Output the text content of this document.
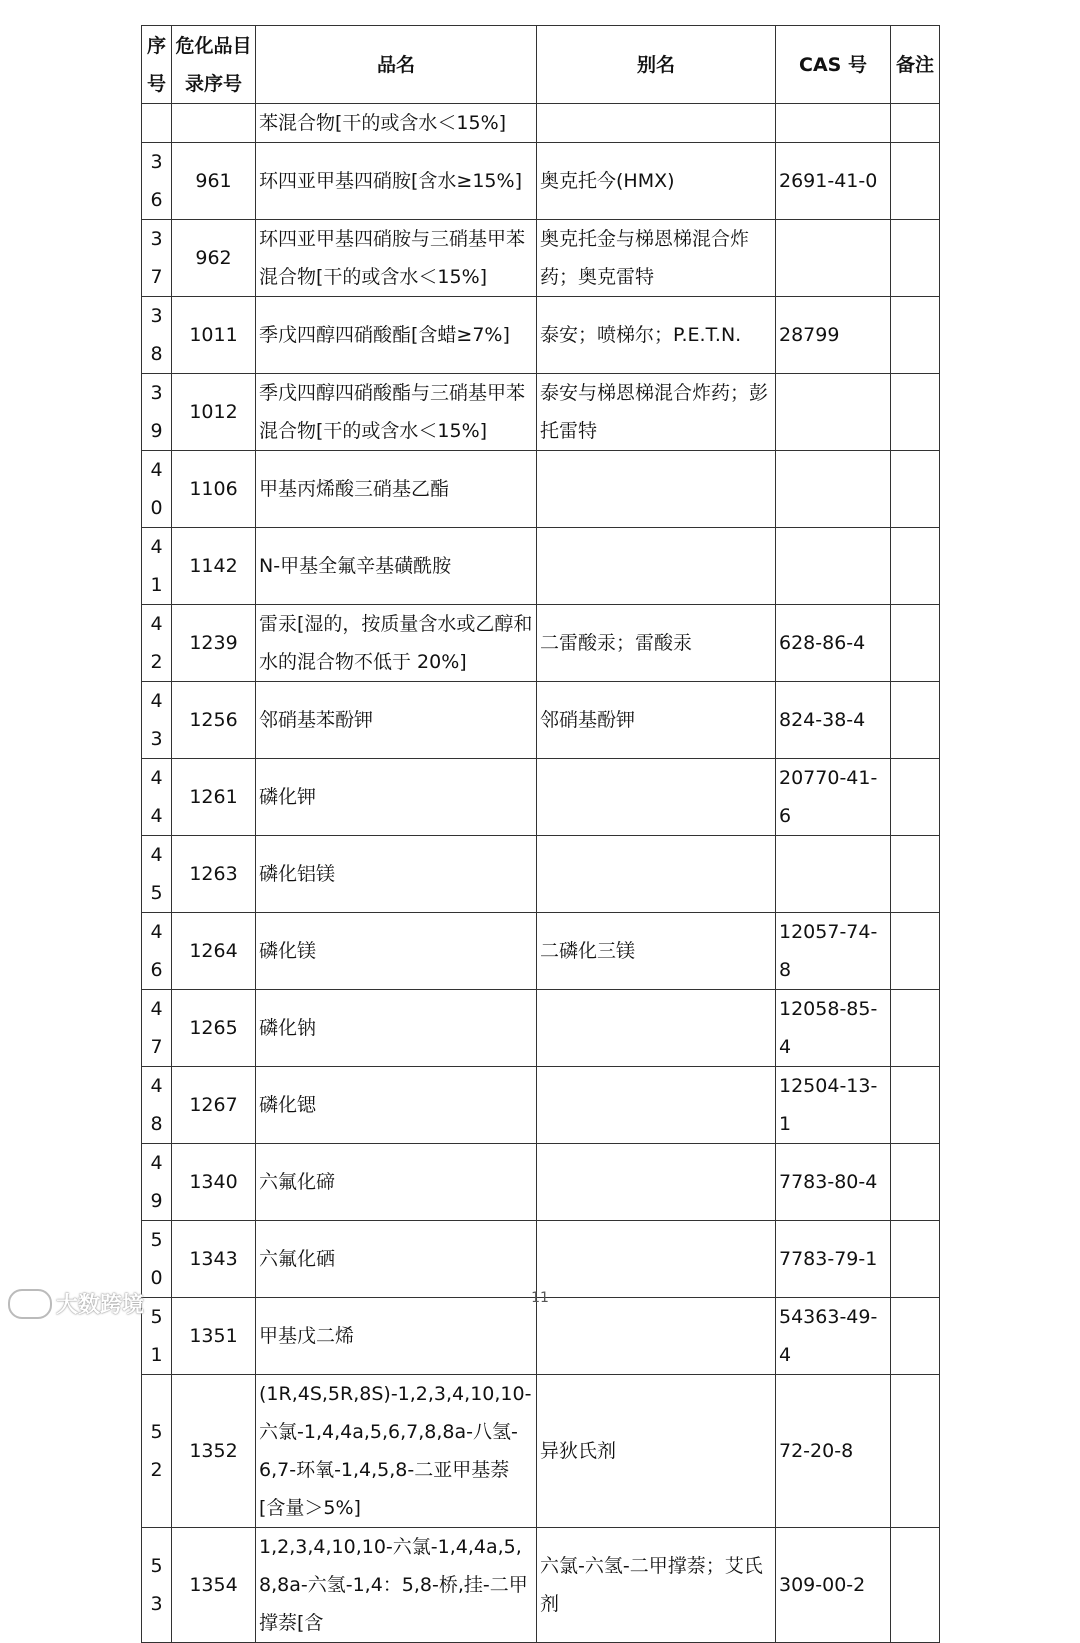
序号	危化品目录序号	品名	别名	CAS 号	备注
		苯混合物[干的或含水＜15%]			
36	961	环四亚甲基四硝胺[含水≥15%]	奥克托今(HMX)	2691-41-0	
37	962	环四亚甲基四硝胺与三硝基甲苯混合物[干的或含水＜15%]	奥克托金与梯恩梯混合炸药；奥克雷特		
38	1011	季戊四醇四硝酸酯[含蜡≥7%]	泰安；喷梯尔；P.E.T.N.	28799	
39	1012	季戊四醇四硝酸酯与三硝基甲苯混合物[干的或含水＜15%]	泰安与梯恩梯混合炸药；彭托雷特		
40	1106	甲基丙烯酸三硝基乙酯			
41	1142	N-甲基全氟辛基磺酰胺			
42	1239	雷汞[湿的，按质量含水或乙醇和水的混合物不低于 20%]	二雷酸汞；雷酸汞	628-86-4	
43	1256	邻硝基苯酚钾	邻硝基酚钾	824-38-4	
44	1261	磷化钾		20770-41-6	
45	1263	磷化铝镁			
46	1264	磷化镁	二磷化三镁	12057-74-8	
47	1265	磷化钠		12058-85-4	
48	1267	磷化锶		12504-13-1	
49	1340	六氟化碲		7783-80-4	
50	1343	六氟化硒		7783-79-1	
51	1351	甲基戊二烯		54363-49-4	
52	1352	(1R,4S,5R,8S)-1,2,3,4,10,10-六氯-1,4,4a,5,6,7,8,8a-八氢-6,7-环氧-1,4,5,8-二亚甲基萘[含量＞5%]	异狄氏剂	72-20-8	
53	1354	1,2,3,4,10,10-六氯-1,4,4a,5,8,8a-六氢-1,4：5,8-桥,挂-二甲撑萘[含	六氯-六氢-二甲撑萘；艾氏剂	309-00-2	
大数跨境	11
